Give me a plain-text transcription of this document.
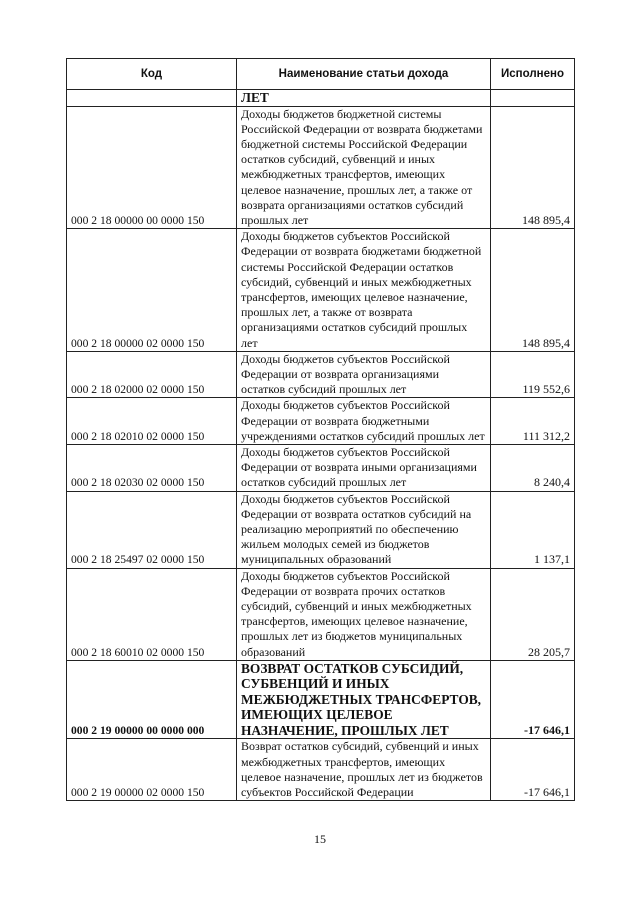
Код	Наименование статьи дохода	Исполнено
	ЛЕТ	
000 2 18 00000 00 0000 150	Доходы бюджетов бюджетной системы Российской Федерации от возврата бюджетами бюджетной системы Российской Федерации остатков субсидий, субвенций и иных межбюджетных трансфертов, имеющих целевое назначение, прошлых лет, а также от возврата организациями остатков субсидий прошлых лет	148 895,4
000 2 18 00000 02 0000 150	Доходы бюджетов субъектов Российской Федерации от возврата бюджетами бюджетной системы Российской Федерации остатков субсидий, субвенций и иных межбюджетных трансфертов, имеющих целевое назначение, прошлых лет, а также от возврата организациями остатков субсидий прошлых лет	148 895,4
000 2 18 02000 02 0000 150	Доходы бюджетов субъектов Российской Федерации от возврата организациями остатков субсидий прошлых лет	119 552,6
000 2 18 02010 02 0000 150	Доходы бюджетов субъектов Российской Федерации от возврата бюджетными учреждениями остатков субсидий прошлых лет	111 312,2
000 2 18 02030 02 0000 150	Доходы бюджетов субъектов Российской Федерации от возврата иными организациями остатков субсидий прошлых лет	8 240,4
000 2 18 25497 02 0000 150	Доходы бюджетов субъектов Российской Федерации от возврата остатков субсидий на реализацию мероприятий по обеспечению жильем молодых семей из бюджетов муниципальных образований	1 137,1
000 2 18 60010 02 0000 150	Доходы бюджетов субъектов Российской Федерации от возврата прочих остатков субсидий, субвенций и иных межбюджетных трансфертов, имеющих целевое назначение, прошлых лет из бюджетов муниципальных образований	28 205,7
000 2 19 00000 00 0000 000	ВОЗВРАТ ОСТАТКОВ СУБСИДИЙ, СУБВЕНЦИЙ И ИНЫХ МЕЖБЮДЖЕТНЫХ ТРАНСФЕРТОВ, ИМЕЮЩИХ ЦЕЛЕВОЕ НАЗНАЧЕНИЕ, ПРОШЛЫХ ЛЕТ	-17 646,1
000 2 19 00000 02 0000 150	Возврат остатков субсидий, субвенций и иных межбюджетных трансфертов, имеющих целевое назначение, прошлых лет из бюджетов субъектов Российской Федерации	-17 646,1
15
